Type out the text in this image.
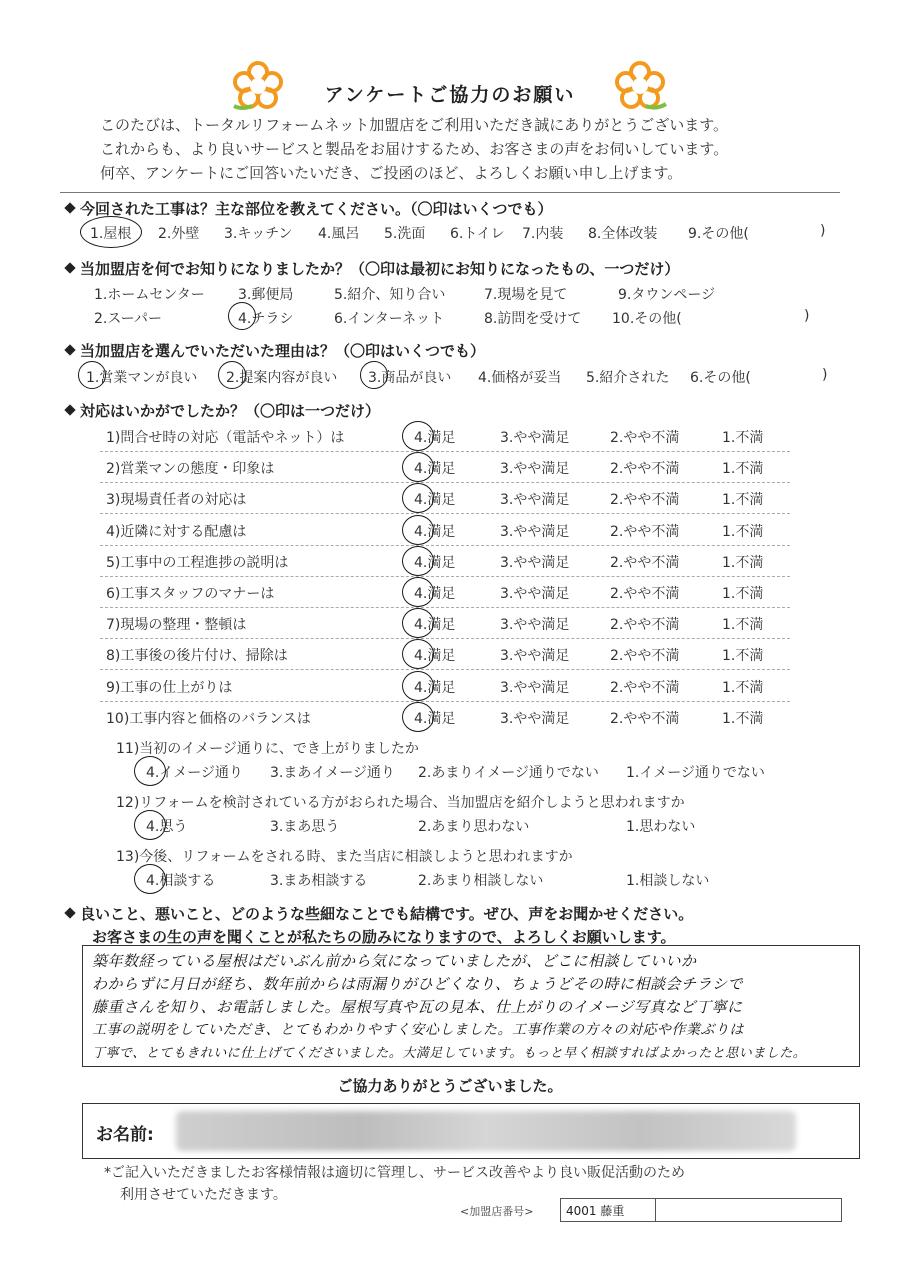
アンケートご協力のお願い
このたびは、トータルリフォームネット加盟店をご利用いただき誠にありがとうございます。
これからも、より良いサービスと製品をお届けするため、お客さまの声をお伺いしています。
何卒、アンケートにご回答いたいだき、ご投函のほど、よろしくお願い申し上げます。
今回された工事は？主な部位を教えてください。（〇印はいくつでも）
1.屋根 2.外壁 3.キッチン 4.風呂 5.洗面 6.トイレ 7.内装 8.全体改装 9.その他(	)
当加盟店を何でお知りになりましたか？（〇印は最初にお知りになったもの、一つだけ）
1.ホームセンター 3.郵便局	5.紹介、知り合い	7.現場を見て	9.タウンページ
2.スーパー	4.チラシ	6.インターネット	8.訪問を受けて 10.その他(	)
当加盟店を選んでいただいた理由は？（〇印はいくつでも）
1.営業マンが良い 2.提案内容が良い 3.商品が良い 4.価格が妥当 5.紹介された 6.その他(	)
対応はいかがでしたか？（〇印は一つだけ）
1)問合せ時の対応（電話やネット）は	4.満足	3.やや満足	2.やや不満	1.不満
2)営業マンの態度・印象は	4.満足	3.やや満足	2.やや不満	1.不満
3)現場責任者の対応は	4.満足	3.やや満足	2.やや不満	1.不満
4)近隣に対する配慮は	4.満足	3.やや満足	2.やや不満	1.不満
5)工事中の工程進捗の説明は	4.満足	3.やや満足	2.やや不満	1.不満
6)工事スタッフのマナーは	4.満足	3.やや満足	2.やや不満	1.不満
7)現場の整理・整頓は	4.満足	3.やや満足	2.やや不満	1.不満
8)工事後の後片付け、掃除は	4.満足	3.やや満足	2.やや不満	1.不満
9)工事の仕上がりは	4.満足	3.やや満足	2.やや不満	1.不満
10)工事内容と価格のバランスは	4.満足	3.やや満足	2.やや不満	1.不満
11)当初のイメージ通りに、でき上がりましたか
4.イメージ通り 3.まあイメージ通り 2.あまりイメージ通りでない 1.イメージ通りでない
12)リフォームを検討されている方がおられた場合、当加盟店を紹介しようと思われますか
4.思う	3.まあ思う	2.あまり思わない	1.思わない
13)今後、リフォームをされる時、また当店に相談しようと思われますか
4.相談する	3.まあ相談する	2.あまり相談しない	1.相談しない
良いこと、悪いこと、どのような些細なことでも結構です。ぜひ、声をお聞かせください。
お客さまの生の声を聞くことが私たちの励みになりますので、よろしくお願いします。
築年数経っている屋根はだいぶん前から気になっていましたが、どこに相談していいか
わからずに月日が経ち、数年前からは雨漏りがひどくなり、ちょうどその時に相談会チラシで
藤重さんを知り、お電話しました。屋根写真や瓦の見本、仕上がりのイメージ写真など丁寧に
工事の説明をしていただき、とてもわかりやすく安心しました。工事作業の方々の対応や作業ぶりは
丁寧で、とてもきれいに仕上げてくださいました。大満足しています。もっと早く相談すればよかったと思いました。
ご協力ありがとうございました。
お名前:
*ご記入いただきましたお客様情報は適切に管理し、サービス改善やより良い販促活動のため
利用させていただきます。
<加盟店番号>	4001 藤重
